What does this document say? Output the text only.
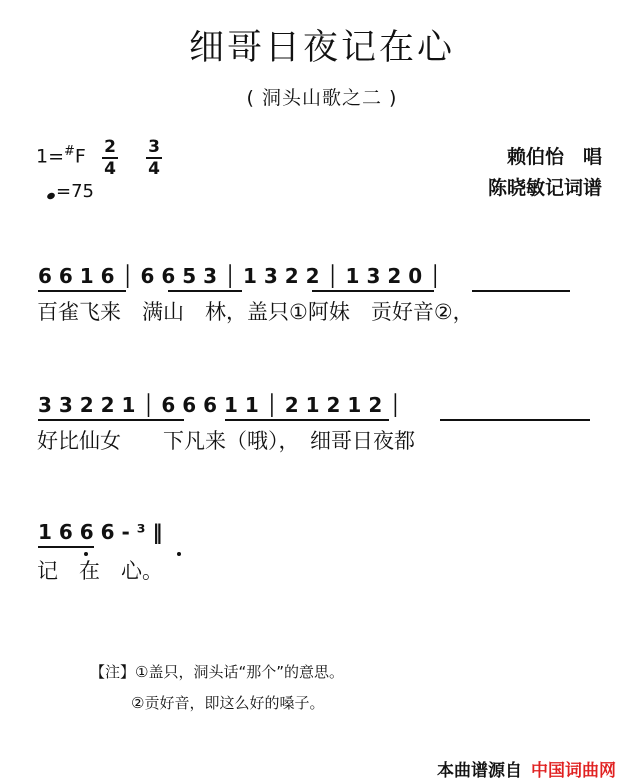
细哥日夜记在心
( 洞头山歌之二 )
1=#F 2
4
3
4
=75
赖伯怡　唱
陈晓敏记词谱
6 6 1 6 │ 6 6 5 3 │ 1 3 2 2 │ 1 3 2 0 │
百雀飞来　满山　林，盖只①阿妹　贡好音②，
3 3 2 2 1 │ 6 6 6 1 1 │ 2 1 2 1 2 │
好比仙女　　下凡来（哦），　细哥日夜都
1 6 6 6 - ³ ‖
记　在　心。
【注】①盖只，洞头话“那个”的意思。
②贡好音，即这么好的嗓子。
本曲谱源自 中国词曲网
